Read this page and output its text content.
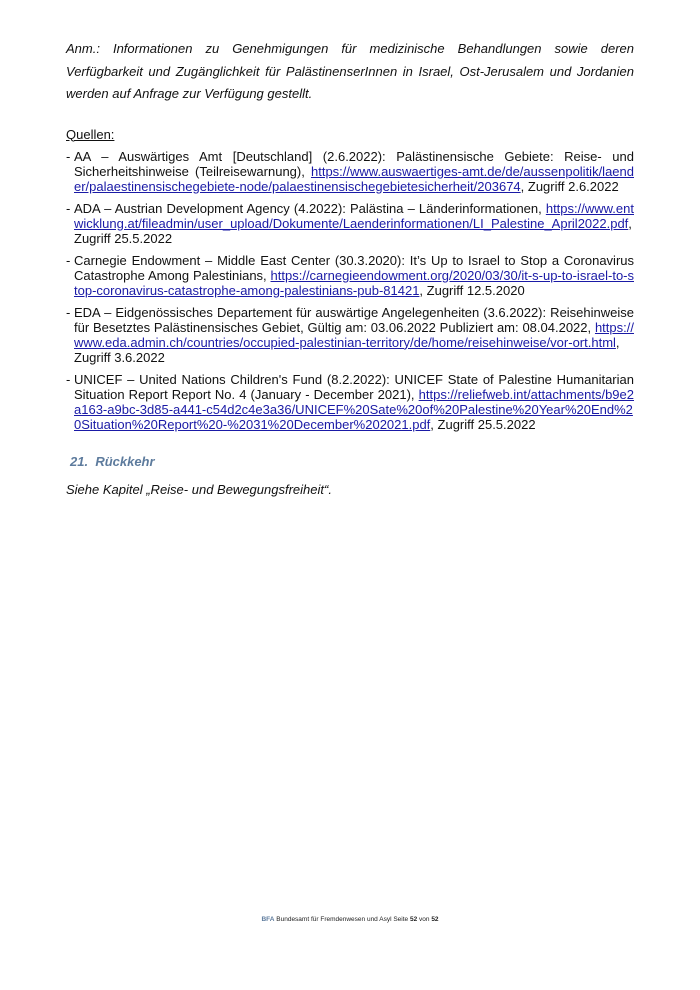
Anm.: Informationen zu Genehmigungen für medizinische Behandlungen sowie deren Verfügbarkeit und Zugänglichkeit für PalästinenserInnen in Israel, Ost-Jerusalem und Jordanien werden auf Anfrage zur Verfügung gestellt.

Quellen:
- AA – Auswärtiges Amt [Deutschland] (2.6.2022): Palästinensische Gebiete: Reise- und Sicherheitshinweise (Teilreisewarnung), https://www.auswaertiges-amt.de/de/aussenpolitik/laender/palaestinensischegebiete-node/palaestinensischegebietesicherheit/203674, Zugriff 2.6.2022
- ADA – Austrian Development Agency (4.2022): Palästina – Länderinformationen, https://www.entwicklung.at/fileadmin/user_upload/Dokumente/Laenderinformationen/LI_Palestine_April2022.pdf, Zugriff 25.5.2022
- Carnegie Endowment – Middle East Center (30.3.2020): It’s Up to Israel to Stop a Coronavirus Catastrophe Among Palestinians, https://carnegieendowment.org/2020/03/30/it-s-up-to-israel-to-stop-coronavirus-catastrophe-among-palestinians-pub-81421, Zugriff 12.5.2020
- EDA – Eidgenössisches Departement für auswärtige Angelegenheiten (3.6.2022): Reisehinweise für Besetztes Palästinensisches Gebiet, Gültig am: 03.06.2022 Publiziert am: 08.04.2022, https://www.eda.admin.ch/countries/occupied-palestinian-territory/de/home/reisehinweise/vor-ort.html, Zugriff 3.6.2022
- UNICEF – United Nations Children's Fund (8.2.2022): UNICEF State of Palestine Humanitarian Situation Report Report No. 4 (January - December 2021), https://reliefweb.int/attachments/b9e2a163-a9bc-3d85-a441-c54d2c4e3a36/UNICEF%20Sate%20of%20Palestine%20Year%20End%20Situation%20Report%20-%2031%20December%202021.pdf, Zugriff 25.5.2022
21. Rückkehr
Siehe Kapitel „Reise- und Bewegungsfreiheit“.
BFA Bundesamt für Fremdenwesen und Asyl Seite 52 von 52
